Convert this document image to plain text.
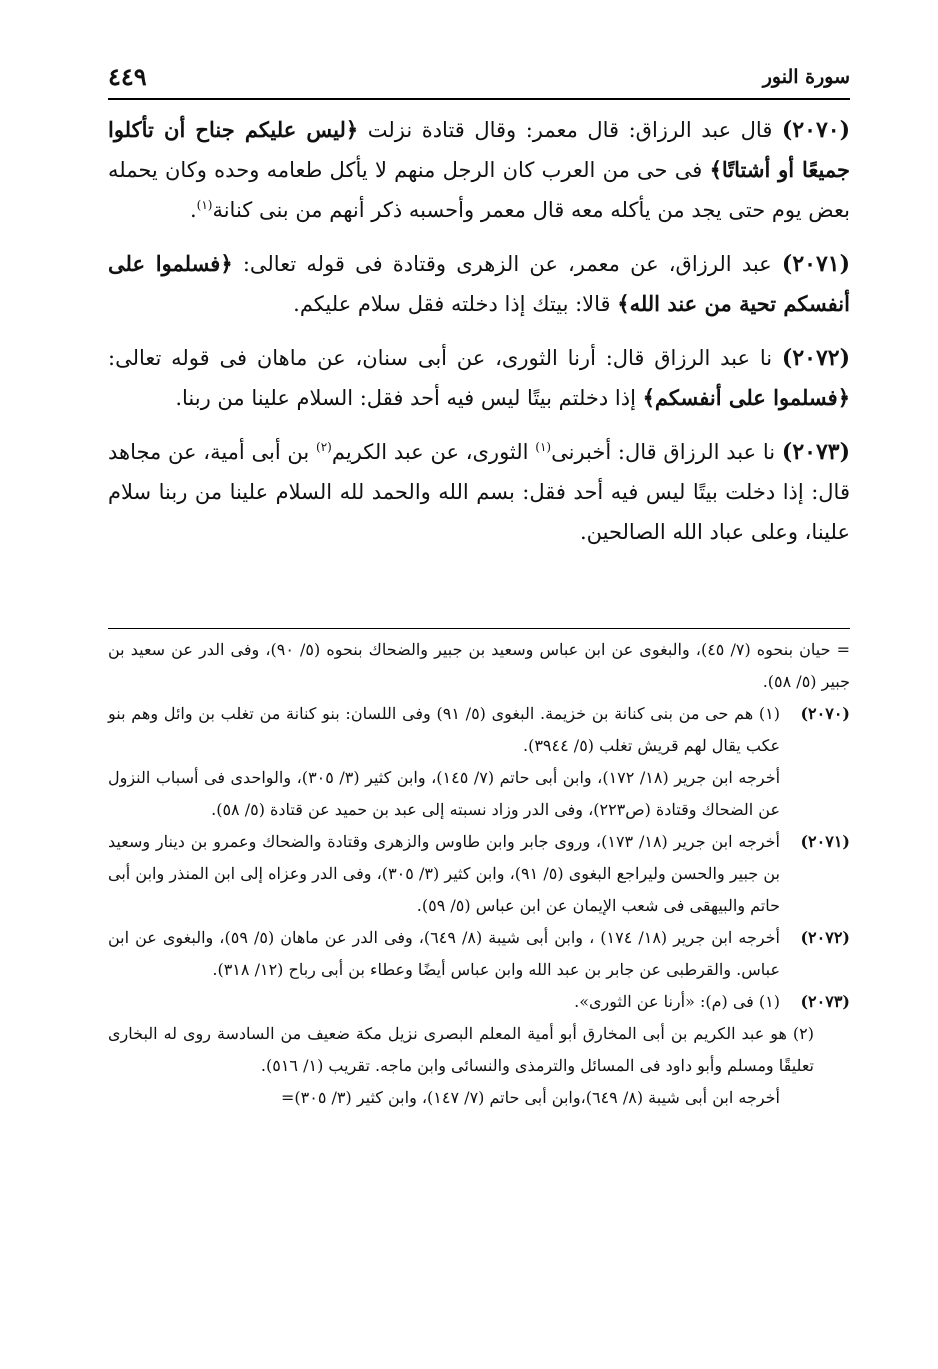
سورة النور
٤٤٩

(٢٠٧٠) قال عبد الرزاق: قال معمر: وقال قتادة نزلت ﴿ليس عليكم جناح أن تأكلوا جميعًا أو أشتاتًا﴾ فى حى من العرب كان الرجل منهم لا يأكل طعامه وحده وكان يحمله بعض يوم حتى يجد من يأكله معه قال معمر وأحسبه ذكر أنهم من بنى كنانة$^{(١)}$.

(٢٠٧١) عبد الرزاق، عن معمر، عن الزهرى وقتادة فى قوله تعالى: ﴿فسلموا على أنفسكم تحية من عند الله﴾ قالا: بيتك إذا دخلته فقل سلام عليكم.

(٢٠٧٢) نا عبد الرزاق قال: أرنا الثورى، عن أبى سنان، عن ماهان فى قوله تعالى: ﴿فسلموا على أنفسكم﴾ إذا دخلتم بيتًا ليس فيه أحد فقل: السلام علينا من ربنا.

(٢٠٧٣) نا عبد الرزاق قال: أخبرنى$^{(١)}$ الثورى، عن عبد الكريم$^{(٢)}$ بن أبى أمية، عن مجاهد قال: إذا دخلت بيتًا ليس فيه أحد فقل: بسم الله والحمد لله السلام علينا من ربنا سلام علينا، وعلى عباد الله الصالحين.

= حيان بنحوه (٧/ ٤٥)، والبغوى عن ابن عباس وسعيد بن جبير والضحاك بنحوه (٥/ ٩٠)، وفى الدر عن سعيد بن جبير (٥/ ٥٨).

(٢٠٧٠)
(١) هم حى من بنى كنانة بن خزيمة. البغوى (٥/ ٩١) وفى اللسان: بنو كنانة من تغلب بن وائل وهم بنو عكب يقال لهم قريش تغلب (٥/ ٣٩٤٤).

أخرجه ابن جرير (١٨/ ١٧٢)، وابن أبى حاتم (٧/ ١٤٥)، وابن كثير (٣/ ٣٠٥)، والواحدى فى أسباب النزول عن الضحاك وقتادة (ص٢٢٣)، وفى الدر وزاد نسبته إلى عبد بن حميد عن قتادة (٥/ ٥٨).

(٢٠٧١)
أخرجه ابن جرير (١٨/ ١٧٣)، وروى جابر وابن طاوس والزهرى وقتادة والضحاك وعمرو بن دينار وسعيد بن جبير والحسن وليراجع البغوى (٥/ ٩١)، وابن كثير (٣/ ٣٠٥)، وفى الدر وعزاه إلى ابن المنذر وابن أبى حاتم والبيهقى فى شعب الإيمان عن ابن عباس (٥/ ٥٩).
(٢٠٧٢)
أخرجه ابن جرير (١٨/ ١٧٤) ، وابن أبى شيبة (٨/ ٦٤٩)، وفى الدر عن ماهان (٥/ ٥٩)، والبغوى عن ابن عباس. والقرطبى عن جابر بن عبد الله وابن عباس أيضًا وعطاء بن أبى رباح (١٢/ ٣١٨).
(٢٠٧٣)
(١) فى (م): «أرنا عن الثورى».

(٢) هو عبد الكريم بن أبى المخارق أبو أمية المعلم البصرى نزيل مكة ضعيف من السادسة روى له البخارى تعليقًا ومسلم وأبو داود فى المسائل والترمذى والنسائى وابن ماجه. تقريب (١/ ٥١٦).

أخرجه ابن أبى شيبة (٨/ ٦٤٩)،وابن أبى حاتم (٧/ ١٤٧)، وابن كثير (٣/ ٣٠٥)=
